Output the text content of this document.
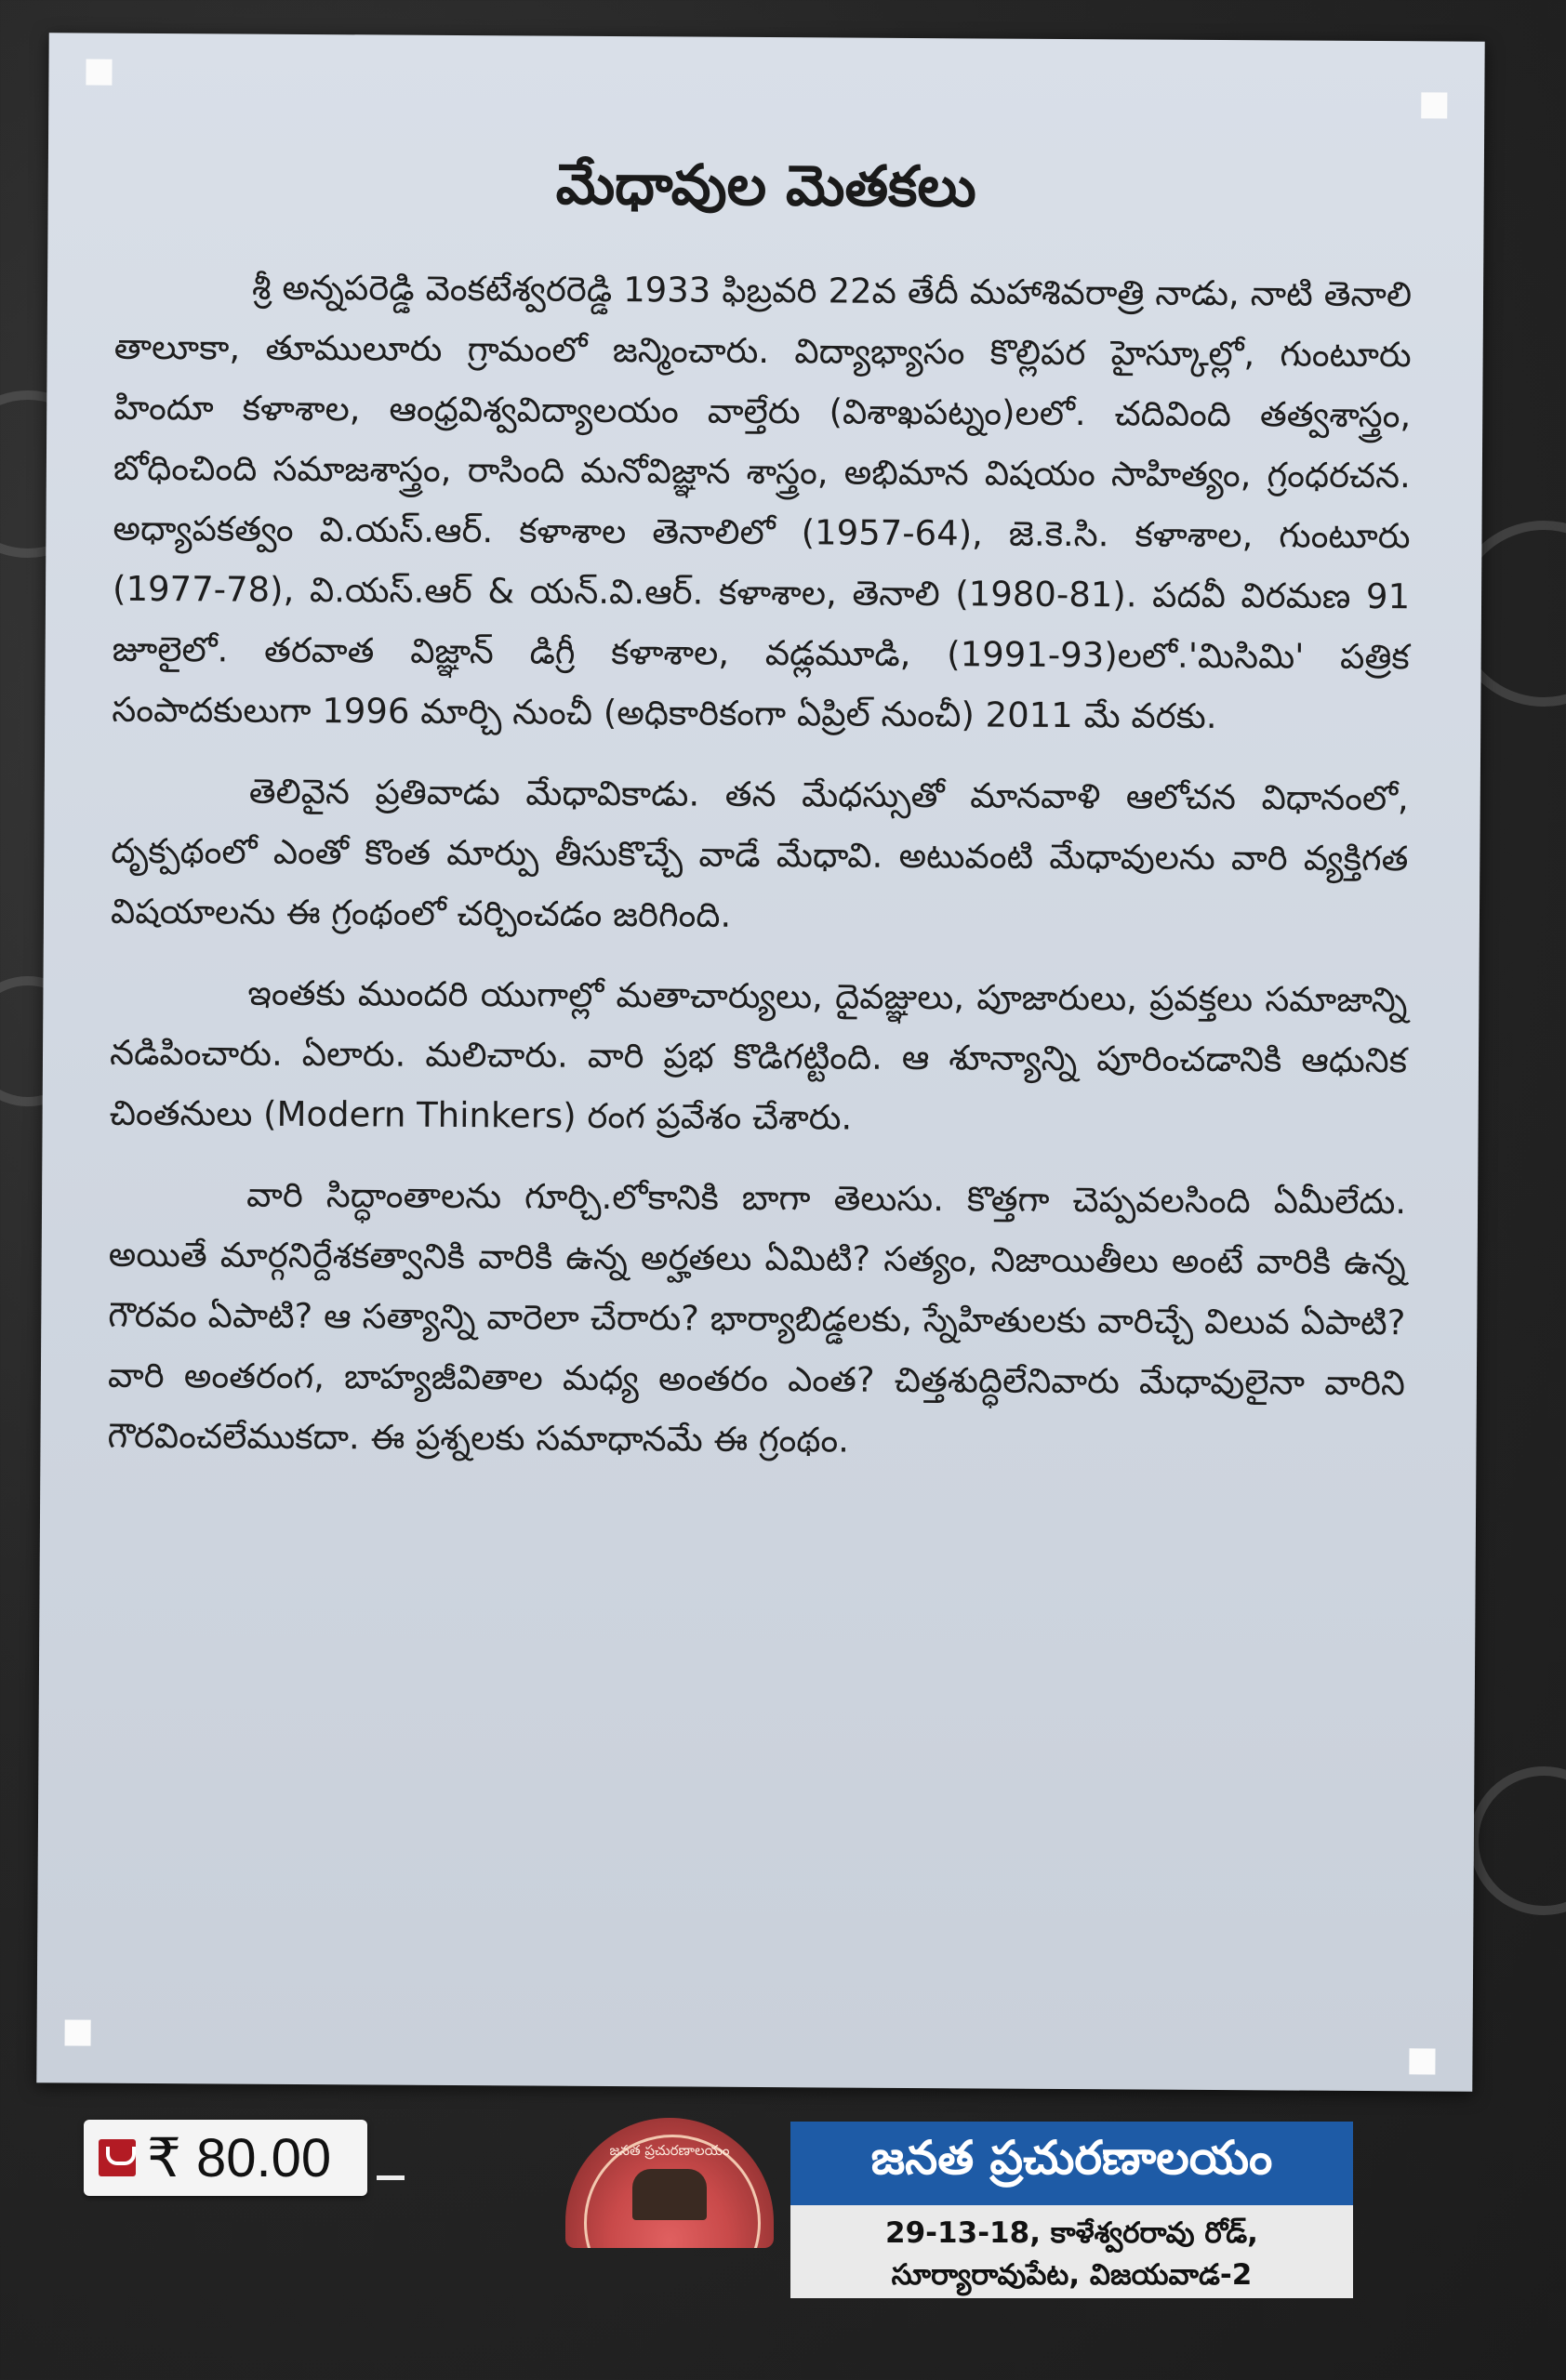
మేధావుల మెతకలు

శ్రీ అన్నపరెడ్డి వెంకటేశ్వరరెడ్డి 1933 ఫిబ్రవరి 22వ తేదీ మహాశివరాత్రి నాడు, నాటి తెనాలి తాలూకా, తూములూరు గ్రామంలో జన్మించారు. విద్యాభ్యాసం కొల్లిపర హైస్కూల్లో, గుంటూరు హిందూ కళాశాల, ఆంధ్రవిశ్వవిద్యాలయం వాల్తేరు (విశాఖపట్నం)లలో. చదివింది తత్వశాస్త్రం, బోధించింది సమాజశాస్త్రం, రాసింది మనోవిజ్ఞాన శాస్త్రం, అభిమాన విషయం సాహిత్యం, గ్రంధరచన. అధ్యాపకత్వం వి.యస్.ఆర్. కళాశాల తెనాలిలో (1957-64), జె.కె.సి. కళాశాల, గుంటూరు (1977-78), వి.యస్.ఆర్ & యన్.వి.ఆర్. కళాశాల, తెనాలి (1980-81). పదవీ విరమణ 91 జూలైలో. తరవాత విజ్ఞాన్ డిగ్రీ కళాశాల, వడ్లమూడి, (1991-93)లలో.'మిసిమి' పత్రిక సంపాదకులుగా 1996 మార్చి నుంచీ (అధికారికంగా ఏప్రిల్ నుంచీ) 2011 మే వరకు.

తెలివైన ప్రతివాడు మేధావికాడు. తన మేధస్సుతో మానవాళి ఆలోచన విధానంలో, దృక్పథంలో ఎంతో కొంత మార్పు తీసుకొచ్చే వాడే మేధావి. అటువంటి మేధావులను వారి వ్యక్తిగత విషయాలను ఈ గ్రంథంలో చర్చించడం జరిగింది.

ఇంతకు ముందరి యుగాల్లో మతాచార్యులు, దైవజ్ఞులు, పూజారులు, ప్రవక్తలు సమాజాన్ని నడిపించారు. ఏలారు. మలిచారు. వారి ప్రభ కొడిగట్టింది. ఆ శూన్యాన్ని పూరించడానికి ఆధునిక చింతనులు (Modern Thinkers) రంగ ప్రవేశం చేశారు.

వారి సిద్ధాంతాలను గూర్చి.లోకానికి బాగా తెలుసు. కొత్తగా చెప్పవలసింది ఏమీలేదు. అయితే మార్గనిర్దేశకత్వానికి వారికి ఉన్న అర్హతలు ఏమిటి? సత్యం, నిజాయితీలు అంటే వారికి ఉన్న గౌరవం ఏపాటి? ఆ సత్యాన్ని వారెలా చేరారు? భార్యాబిడ్డలకు, స్నేహితులకు వారిచ్చే విలువ ఏపాటి? వారి అంతరంగ, బాహ్యజీవితాల మధ్య అంతరం ఎంత? చిత్తశుద్ధిలేనివారు మేధావులైనా వారిని గౌరవించలేముకదా. ఈ ప్రశ్నలకు సమాధానమే ఈ గ్రంథం.

₹ 80.00	జనత ప్రచురణాలయం	జనత ప్రచురణాలయం
29-13-18, కాళేశ్వరరావు రోడ్,
సూర్యారావుపేట, విజయవాడ-2
